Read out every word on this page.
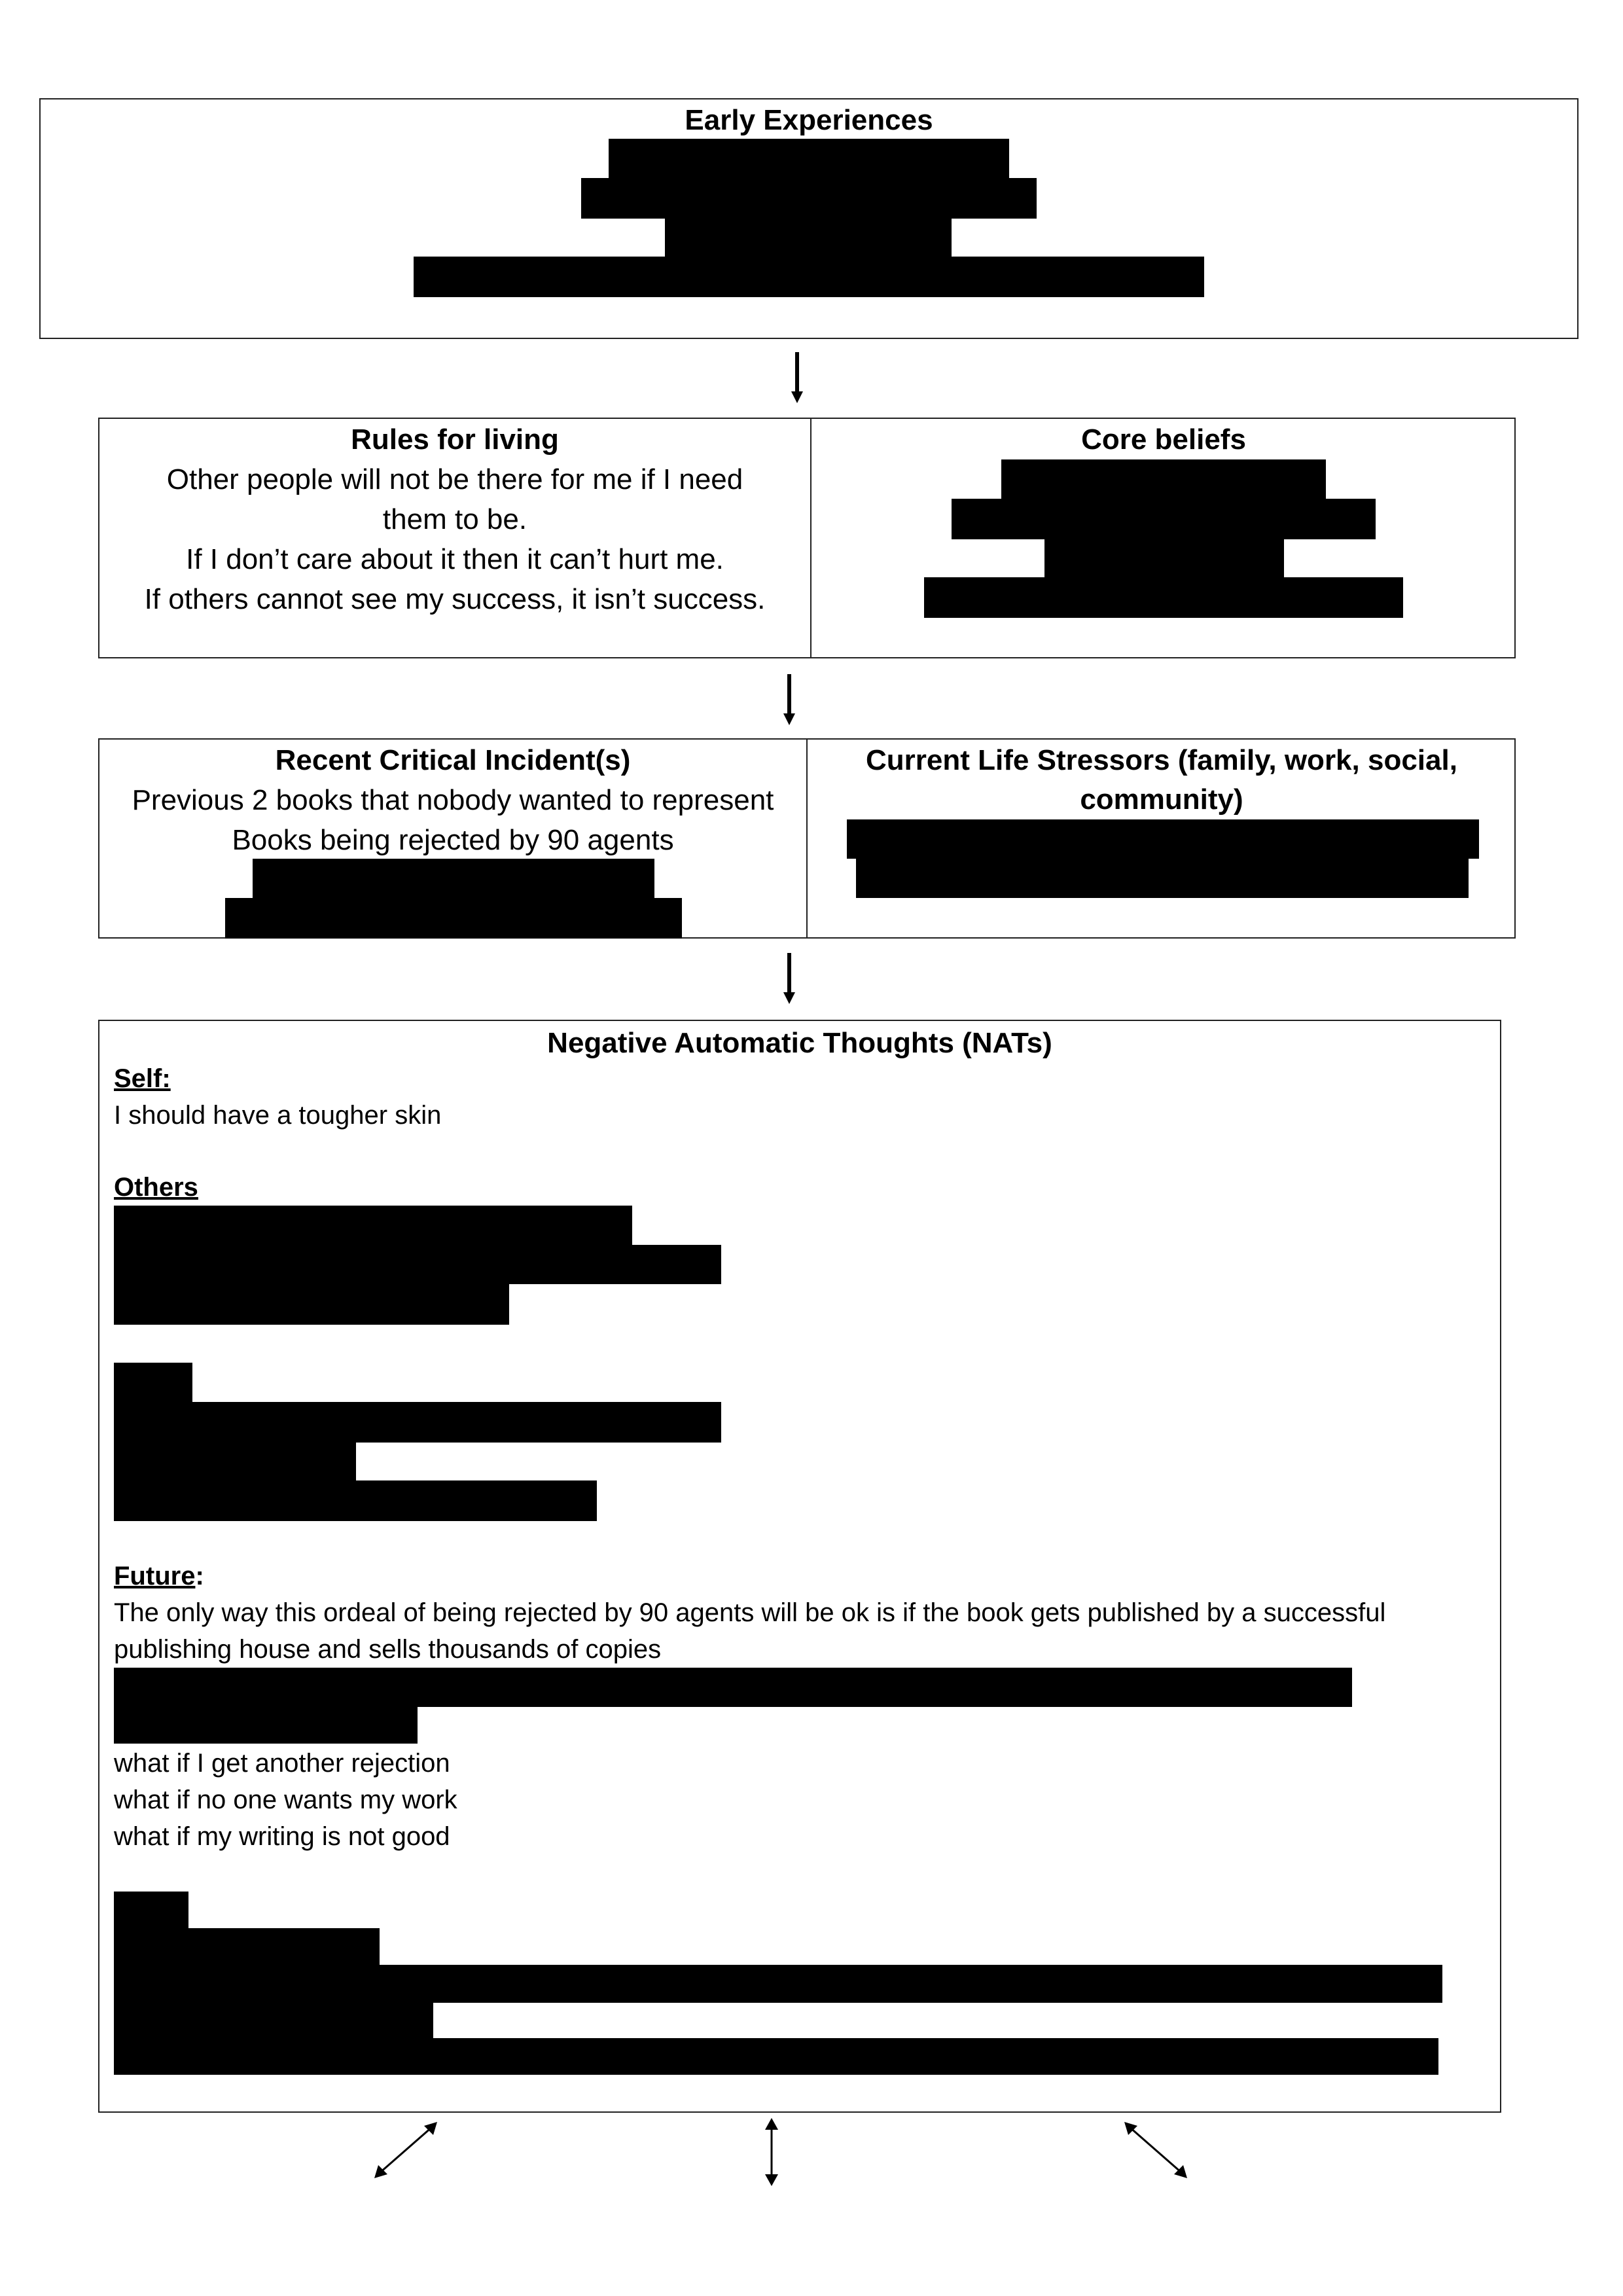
Early Experiences
Rules for living
Other people will not be there for me if I need
them to be.
If I don’t care about it then it can’t hurt me.
If others cannot see my success, it isn’t success.
Core beliefs
Recent Critical Incident(s)
Previous 2 books that nobody wanted to represent
Books being rejected by 90 agents
Current Life Stressors (family, work, social,
community)
Negative Automatic Thoughts (NATs)
Self:
I should have a tougher skin
Others
Future:
The only way this ordeal of being rejected by 90 agents will be ok is if the book gets published by a successful
publishing house and sells thousands of copies
what if I get another rejection
what if no one wants my work
what if my writing is not good
